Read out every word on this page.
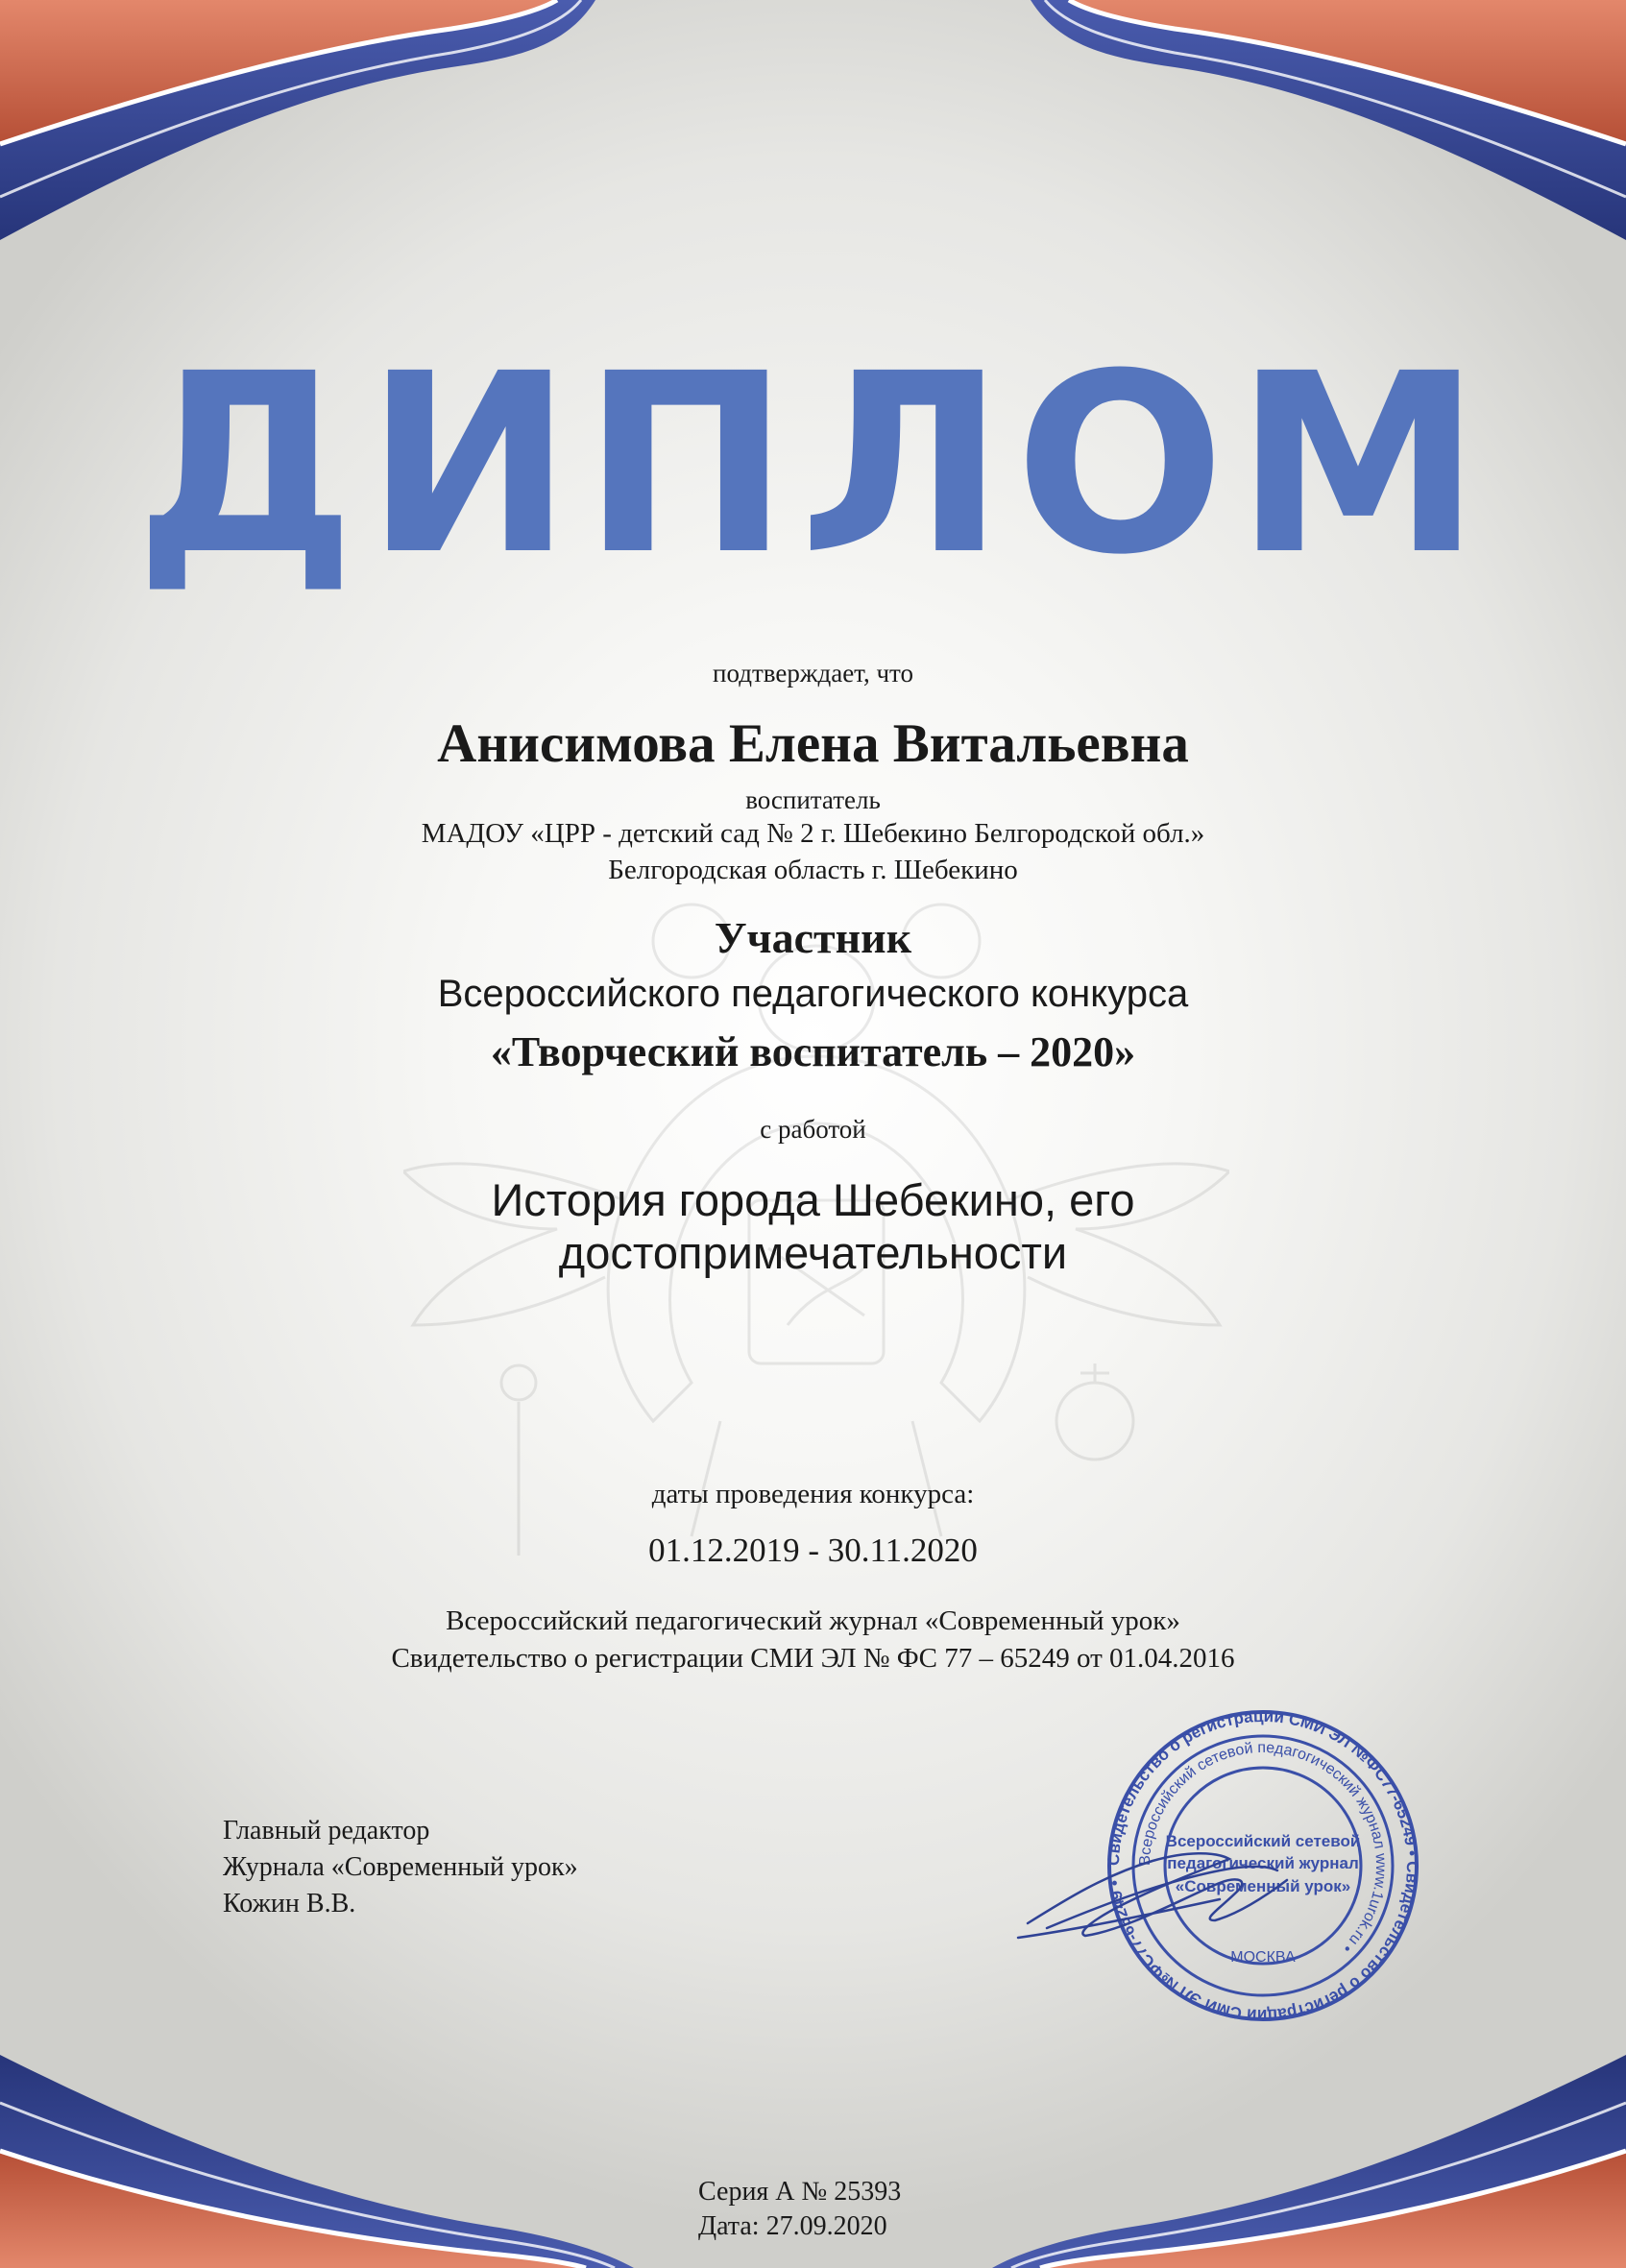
ДИПЛОМ
подтверждает, что
Анисимова Елена Витальевна
воспитатель
МАДОУ «ЦРР - детский сад № 2 г. Шебекино Белгородской обл.»
Белгородская область г. Шебекино
Участник
Всероссийского педагогического конкурса
«Творческий воспитатель – 2020»
с работой
История города Шебекино, его достопримечательности
даты проведения конкурса:
01.12.2019 - 30.11.2020
Всероссийский педагогический журнал «Современный урок»
Свидетельство о регистрации СМИ ЭЛ № ФС 77 – 65249 от 01.04.2016
Главный редактор
Журнала «Современный урок»
Кожин В.В.
Свидетельство о регистрации СМИ ЭЛ №ФС77-65249 • Свидетельство о регистрации СМИ ЭЛ №ФС77-65249 •
Всероссийский сетевой педагогический журнал www.1urok.ru •
Всероссийский сетевой
педагогический журнал
«Современный урок»
МОСКВА
Серия А № 25393
Дата: 27.09.2020
